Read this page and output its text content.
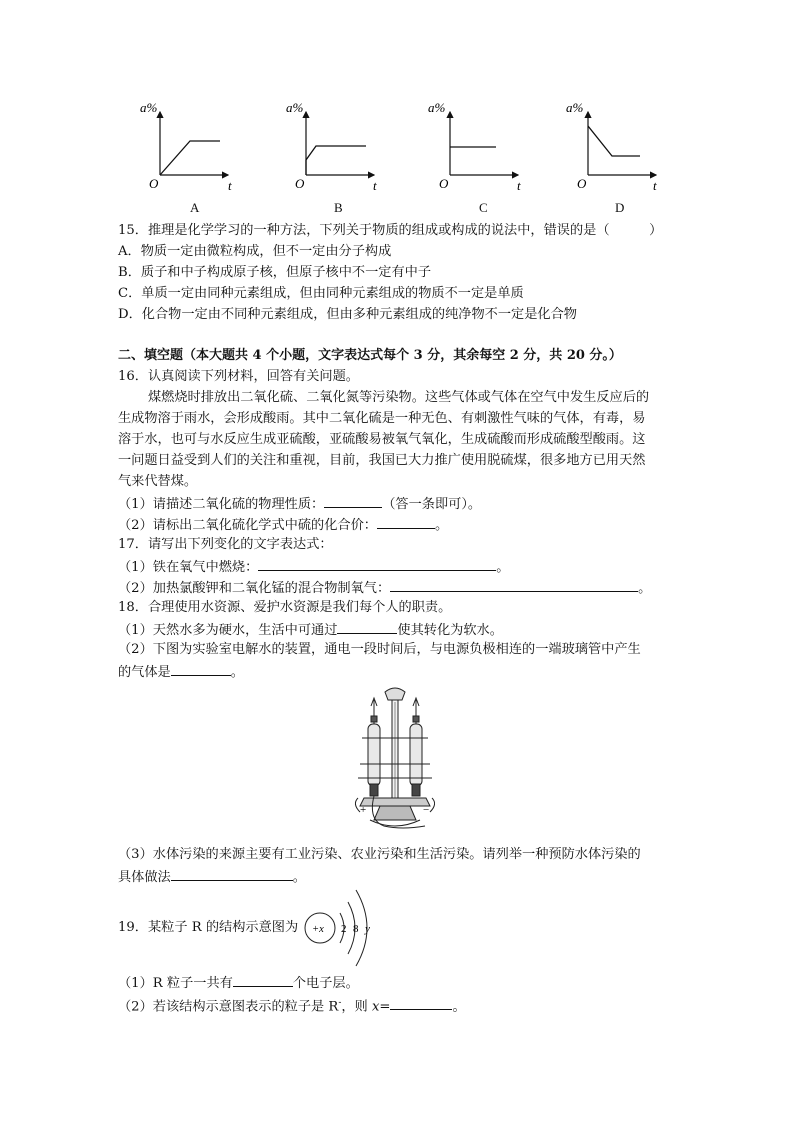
a%
O	t
a%
O	t
a%
O	t
a%
O	t
A	B	C	D
15．推理是化学学习的一种方法，下列关于物质的组成或构成的说法中，错误的是（　　　）
A．物质一定由微粒构成，但不一定由分子构成
B．质子和中子构成原子核，但原子核中不一定有中子
C．单质一定由同种元素组成，但由同种元素组成的物质不一定是单质
D．化合物一定由不同种元素组成，但由多种元素组成的纯净物不一定是化合物
二、填空题（本大题共 4 个小题，文字表达式每个 3 分，其余每空 2 分，共 20 分。）
16．认真阅读下列材料，回答有关问题。
煤燃烧时排放出二氧化硫、二氧化氮等污染物。这些气体或气体在空气中发生反应后的
生成物溶于雨水，会形成酸雨。其中二氧化硫是一种无色、有刺激性气味的气体，有毒，易
溶于水，也可与水反应生成亚硫酸，亚硫酸易被氧气氧化，生成硫酸而形成硫酸型酸雨。这
一问题日益受到人们的关注和重视，目前，我国已大力推广使用脱硫煤，很多地方已用天然
气来代替煤。
（1）请描述二氧化硫的物理性质：	（答一条即可）。
（2）请标出二氧化硫化学式中硫的化合价：	。
17．请写出下列变化的文字表达式：
（1）铁在氧气中燃烧：	。
（2）加热氯酸钾和二氧化锰的混合物制氧气：	。
18．合理使用水资源、爱护水资源是我们每个人的职责。
（1）天然水多为硬水，生活中可通过	使其转化为软水。
（2）下图为实验室电解水的装置，通电一段时间后，与电源负极相连的一端玻璃管中产生
的气体是	。
+	−
（3）水体污染的来源主要有工业污染、农业污染和生活污染。请列举一种预防水体污染的
具体做法	。
19．某粒子 R 的结构示意图为 +x 2 8 y
（1）R 粒子一共有	个电子层。
（2）若该结构示意图表示的粒子是 R-，则 x=	。
